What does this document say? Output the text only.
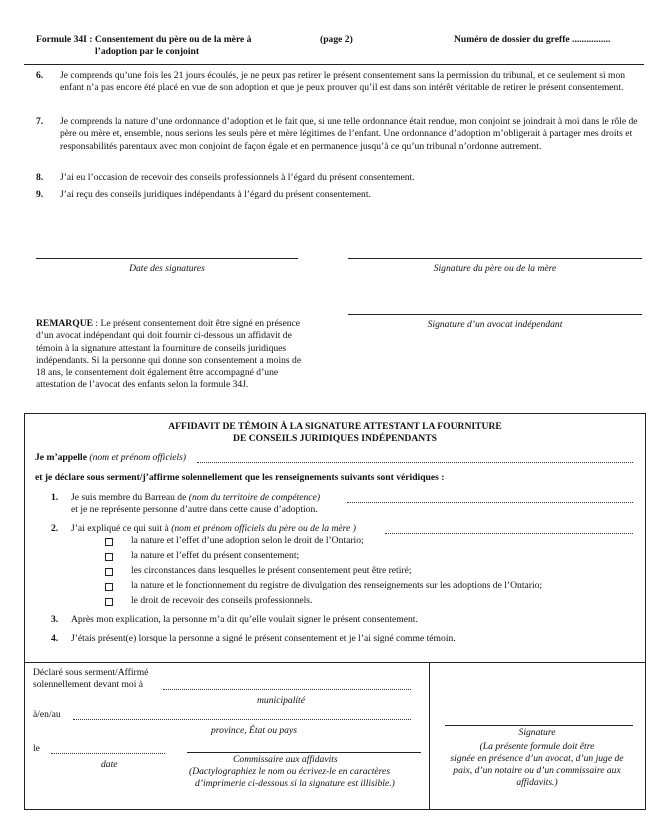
Formule 34I : Consentement du père ou de la mère à
l’adoption par le conjoint
(page 2)	Numéro de dossier du greffe ................
6. Je comprends qu’une fois les 21 jours écoulés, je ne peux pas retirer le présent consentement sans la permission du tribunal, et ce seulement si mon enfant n’a pas encore été placé en vue de son adoption et que je peux prouver qu’il est dans son intérêt véritable de retirer le présent consentement.
7. Je comprends la nature d’une ordonnance d’adoption et le fait que, si une telle ordonnance était rendue, mon conjoint se joindrait à moi dans le rôle de père ou mère et, ensemble, nous serions les seuls père et mère légitimes de l’enfant. Une ordonnance d’adoption m’obligerait à partager mes droits et responsabilités parentaux avec mon conjoint de façon égale et en permanence jusqu’à ce qu’un tribunal n’ordonne autrement.
8. J’ai eu l’occasion de recevoir des conseils professionnels à l’égard du présent consentement.
9. J’ai reçu des conseils juridiques indépendants à l’égard du présent consentement.
Date des signatures	Signature du père ou de la mère
Signature d’un avocat indépendant
REMARQUE : Le présent consentement doit être signé en présence d’un avocat indépendant qui doit fournir ci-dessous un affidavit de témoin à la signature attestant la fourniture de conseils juridiques indépendants. Si la personne qui donne son consentement a moins de 18 ans, le consentement doit également être accompagné d’une attestation de l’avocat des enfants selon la formule 34J.
AFFIDAVIT DE TÉMOIN À LA SIGNATURE ATTESTANT LA FOURNITURE
DE CONSEILS JURIDIQUES INDÉPENDANTS
Je m’appelle (nom et prénom officiels)
et je déclare sous serment/j’affirme solennellement que les renseignements suivants sont véridiques :
1. Je suis membre du Barreau de (nom du territoire de compétence)
et je ne représente personne d’autre dans cette cause d’adoption.
2. J’ai expliqué ce qui suit à (nom et prénom officiels du père ou de la mère )
la nature et l’effet d’une adoption selon le droit de l’Ontario;
la nature et l’effet du présent consentement;
les circonstances dans lesquelles le présent consentement peut être retiré;
la nature et le fonctionnement du registre de divulgation des renseignements sur les adoptions de l’Ontario;
le droit de recevoir des conseils professionnels.
3. Après mon explication, la personne m’a dit qu’elle voulait signer le présent consentement.
4. J’étais présent(e) lorsque la personne a signé le présent consentement et je l’ai signé comme témoin.
Déclaré sous serment/Affirmé
solennellement devant moi à
municipalité
à/en/au
province, État ou pays
le
date	Commissaire aux affidavits
(Dactylographiez le nom ou écrivez-le en caractères
d’imprimerie ci-dessous si la signature est illisible.)
Signature
(La présente formule doit être
signée en présence d’un avocat, d’un juge de
paix, d’un notaire ou d’un commissaire aux
affidavits.)
